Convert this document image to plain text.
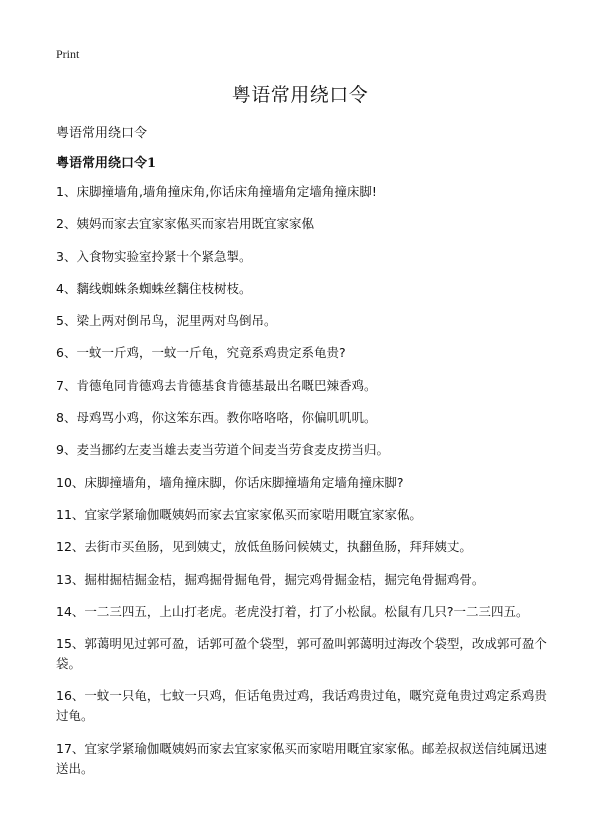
Print
粤语常用绕口令
粤语常用绕口令
粤语常用绕口令1
1、床脚撞墙角,墙角撞床角,你话床角撞墙角定墙角撞床脚!
2、姨妈而家去宜家家俬买而家岩用既宜家家俬
3、入食物实验室拎紧十个紧急掣。
4、黐线蜘蛛条蜘蛛丝黐住枝树枝。
5、梁上两对倒吊鸟，泥里两对鸟倒吊。
6、一蚊一斤鸡，一蚊一斤龟，究竟系鸡贵定系龟贵?
7、肯德龟同肯德鸡去肯德基食肯德基最出名嘅巴辣香鸡。
8、母鸡骂小鸡，你这笨东西。教你咯咯咯，你偏叽叽叽。
9、麦当挪约左麦当雄去麦当劳道个间麦当劳食麦皮捞当归。
10、床脚撞墙角，墙角撞床脚，你话床脚撞墙角定墙角撞床脚?
11、宜家学紧瑜伽嘅姨妈而家去宜家家俬买而家啱用嘅宜家家俬。
12、去街市买鱼肠，见到姨丈，放低鱼肠问候姨丈，执翻鱼肠，拜拜姨丈。
13、掘柑掘桔掘金桔，掘鸡掘骨掘龟骨，掘完鸡骨掘金桔，掘完龟骨掘鸡骨。
14、一二三四五，上山打老虎。老虎没打着，打了小松鼠。松鼠有几只?一二三四五。
15、郭蔼明见过郭可盈，话郭可盈个袋型，郭可盈叫郭蔼明过海改个袋型，改成郭可盈个袋。
16、一蚊一只龟，七蚊一只鸡，佢话龟贵过鸡，我话鸡贵过龟，嘅究竟龟贵过鸡定系鸡贵过龟。
17、宜家学紧瑜伽嘅姨妈而家去宜家家俬买而家啱用嘅宜家家俬。邮差叔叔送信纯属迅速送出。
